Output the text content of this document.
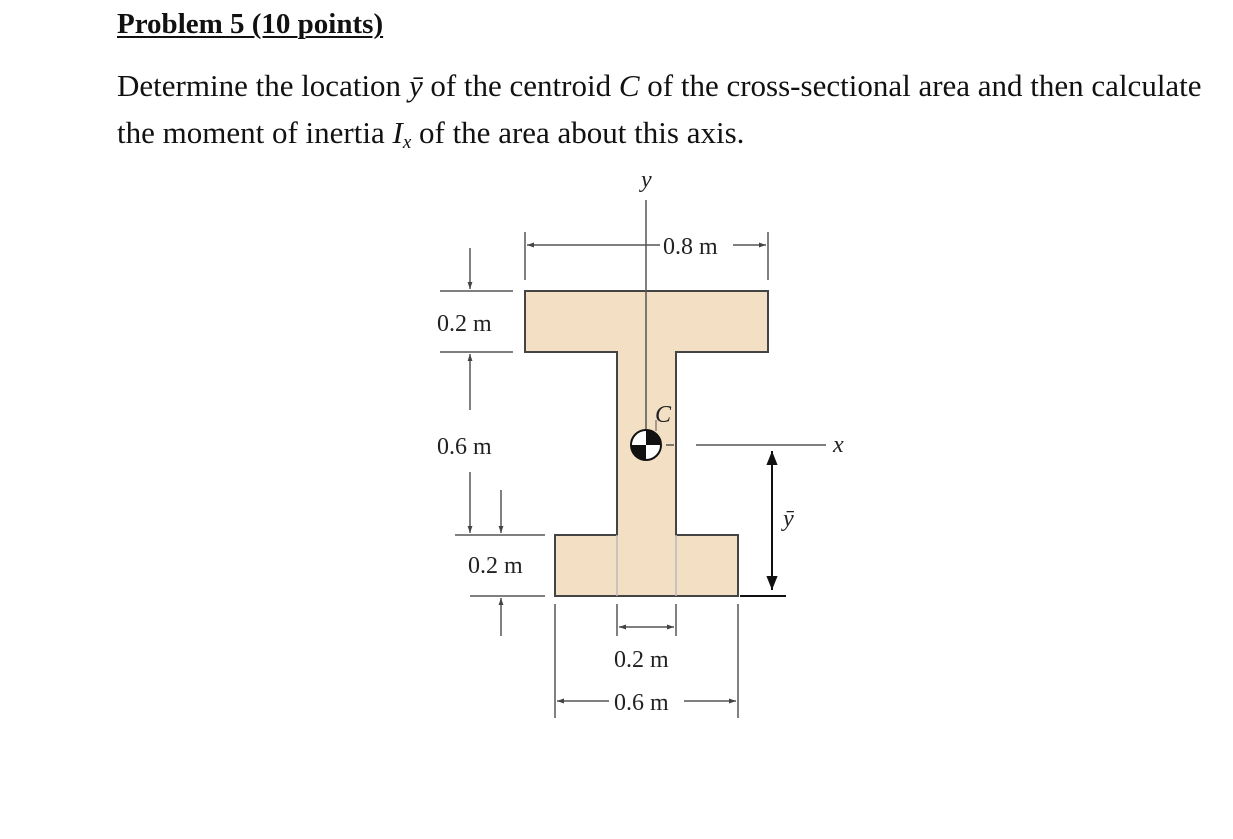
Problem 5 (10 points)

Determine the location ȳ of the centroid C of the cross-sectional area and then calculate the moment of inertia $I_x$ of the area about this axis.

y
C
x
ȳ
0.8 m
0.2 m
0.6 m
0.2 m
0.2 m
0.6 m
